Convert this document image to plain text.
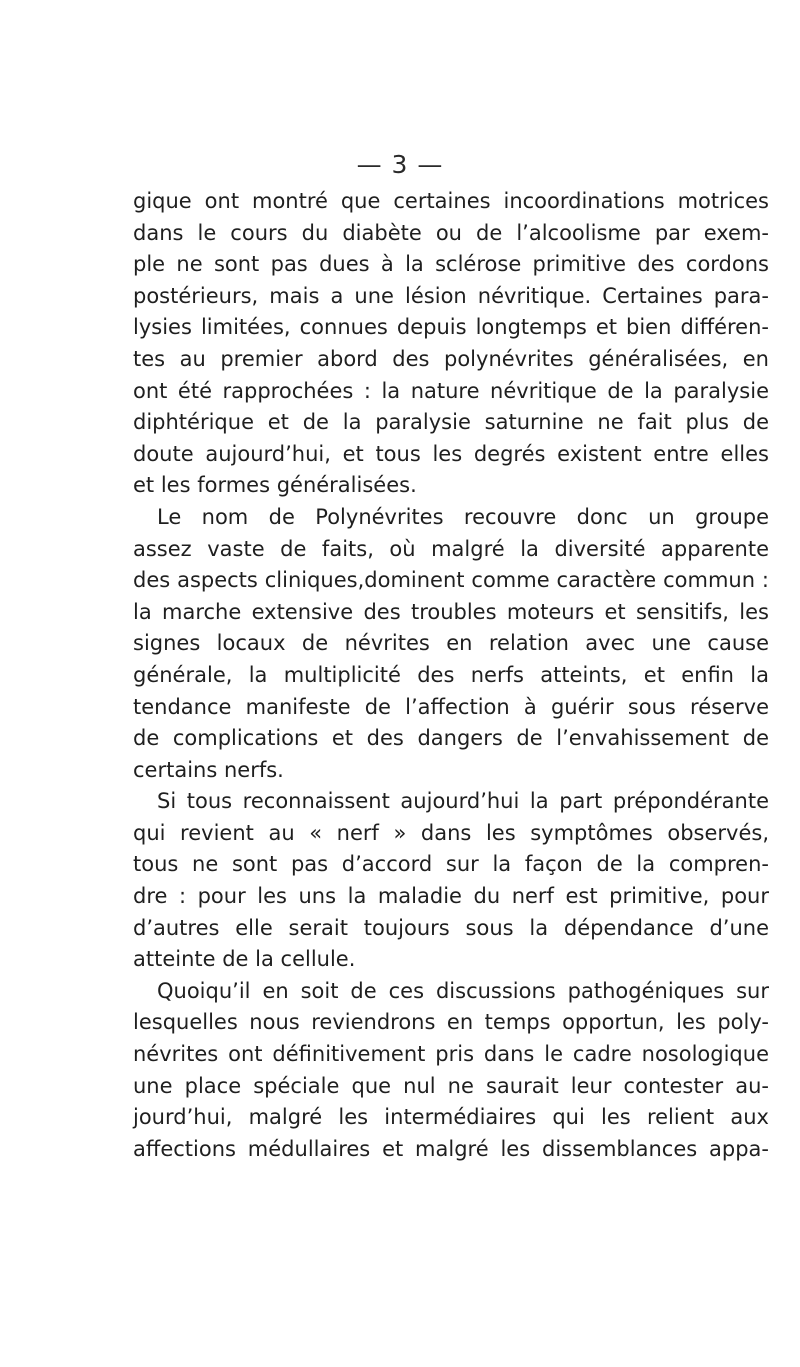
— 3 —
gique ont montré que certaines incoordinations motrices
dans le cours du diabète ou de l’alcoolisme par exem-
ple ne sont pas dues à la sclérose primitive des cordons
postérieurs, mais a une lésion névritique. Certaines para-
lysies limitées, connues depuis longtemps et bien différen-
tes au premier abord des polynévrites généralisées, en
ont été rapprochées : la nature névritique de la paralysie
diphtérique et de la paralysie saturnine ne fait plus de
doute aujourd’hui, et tous les degrés existent entre elles
et les formes généralisées.
Le nom de Polynévrites recouvre donc un groupe
assez vaste de faits, où malgré la diversité apparente
des aspects cliniques,dominent comme caractère commun :
la marche extensive des troubles moteurs et sensitifs, les
signes locaux de névrites en relation avec une cause
générale, la multiplicité des nerfs atteints, et enfin la
tendance manifeste de l’affection à guérir sous réserve
de complications et des dangers de l’envahissement de
certains nerfs.
Si tous reconnaissent aujourd’hui la part prépondérante
qui revient au « nerf » dans les symptômes observés,
tous ne sont pas d’accord sur la façon de la compren-
dre : pour les uns la maladie du nerf est primitive, pour
d’autres elle serait toujours sous la dépendance d’une
atteinte de la cellule.
Quoiqu’il en soit de ces discussions pathogéniques sur
lesquelles nous reviendrons en temps opportun, les poly-
névrites ont définitivement pris dans le cadre nosologique
une place spéciale que nul ne saurait leur contester au-
jourd’hui, malgré les intermédiaires qui les relient aux
affections médullaires et malgré les dissemblances appa-
